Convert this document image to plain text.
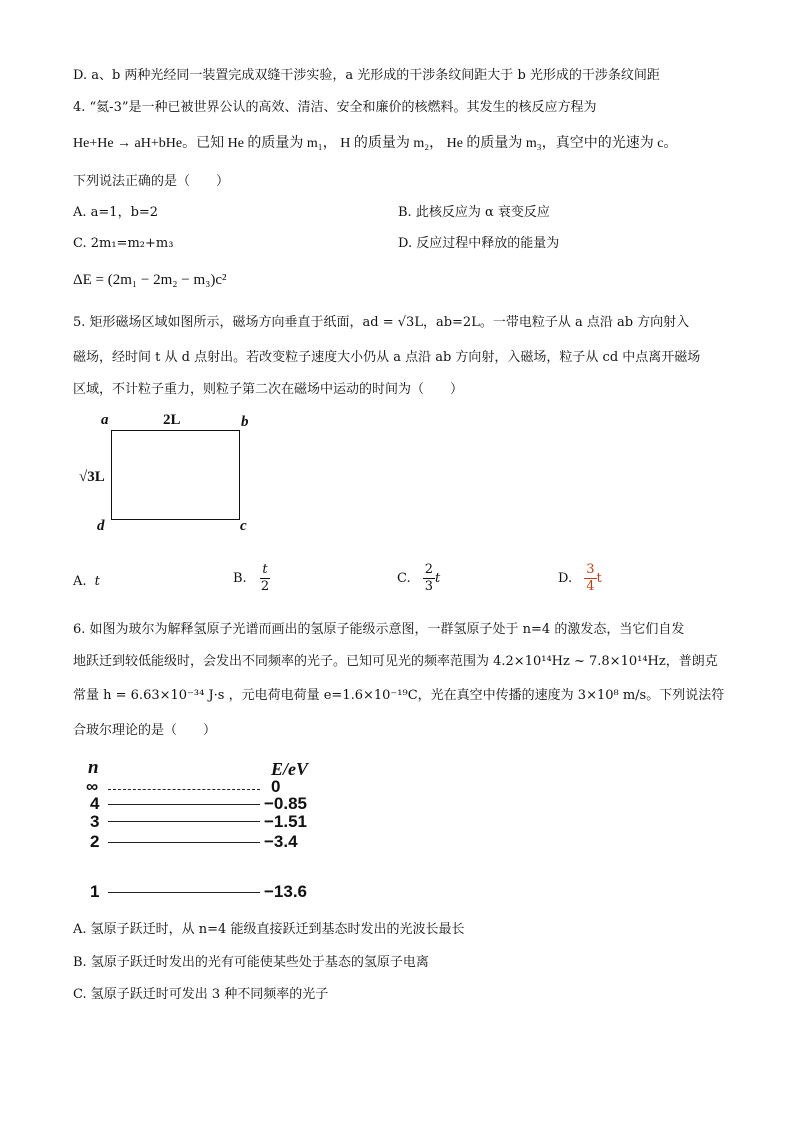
D. a、b 两种光经同一装置完成双缝干涉实验，a 光形成的干涉条纹间距大于 b 光形成的干涉条纹间距
4. “氦-3”是一种已被世界公认的高效、清洁、安全和廉价的核燃料。其发生的核反应方程为
He+He → aH+bHe。已知 He 的质量为 m₁， H 的质量为 m₂， He 的质量为 m₃，真空中的光速为 c。
下列说法正确的是（　　）
A. a=1，b=2	B. 此核反应为 α 衰变反应
C. 2m₁=m₂+m₃	D. 反应过程中释放的能量为
ΔE = (2m₁ − 2m₂ − m₃)c²
5. 矩形磁场区域如图所示，磁场方向垂直于纸面，ad = √3L，ab=2L。一带电粒子从 a 点沿 ab 方向射入
磁场，经时间 t 从 d 点射出。若改变粒子速度大小仍从 a 点沿 ab 方向射，入磁场，粒子从 cd 中点离开磁场
区域，不计粒子重力，则粒子第二次在磁场中运动的时间为（　　）
a	b
2L
√3L
d	c
A. t	B. $\frac{t}{2}$	C. $\frac{2}{3}$ t	D. $\frac{3}{4}$ t
6. 如图为玻尔为解释氢原子光谱而画出的氢原子能级示意图，一群氢原子处于 n=4 的激发态，当它们自发
地跃迁到较低能级时，会发出不同频率的光子。已知可见光的频率范围为 4.2×10¹⁴Hz ~ 7.8×10¹⁴Hz，普朗克
常量 h = 6.63×10⁻³⁴ J·s ，元电荷电荷量 e=1.6×10⁻¹⁹C，光在真空中传播的速度为 3×10⁸ m/s。下列说法符
合玻尔理论的是（　　）
n	E/eV
∞	0
4	−0.85
3	−1.51
2	−3.4
1	−13.6
A. 氢原子跃迁时，从 n=4 能级直接跃迁到基态时发出的光波长最长
B. 氢原子跃迁时发出的光有可能使某些处于基态的氢原子电离
C. 氢原子跃迁时可发出 3 种不同频率的光子
